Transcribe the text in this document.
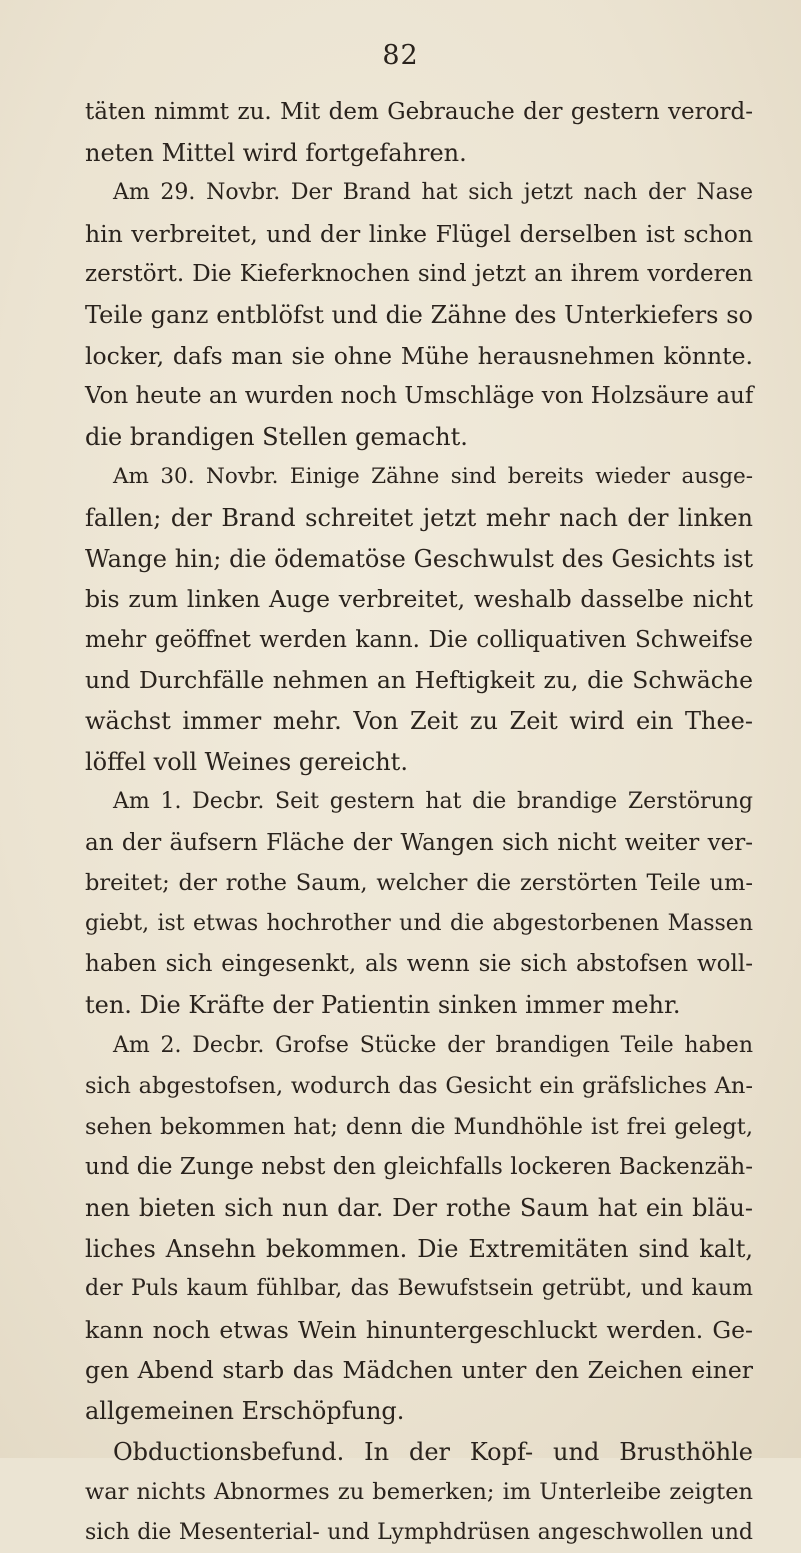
82
täten nimmt zu. Mit dem Gebrauche der gestern verord-
neten Mittel wird fortgefahren.
Am 29. Novbr. Der Brand hat sich jetzt nach der Nase
hin verbreitet, und der linke Flügel derselben ist schon
zerstört. Die Kieferknochen sind jetzt an ihrem vorderen
Teile ganz entblöfst und die Zähne des Unterkiefers so
locker, dafs man sie ohne Mühe herausnehmen könnte.
Von heute an wurden noch Umschläge von Holzsäure auf
die brandigen Stellen gemacht.
Am 30. Novbr. Einige Zähne sind bereits wieder ausge-
fallen; der Brand schreitet jetzt mehr nach der linken
Wange hin; die ödematöse Geschwulst des Gesichts ist
bis zum linken Auge verbreitet, weshalb dasselbe nicht
mehr geöffnet werden kann. Die colliquativen Schweifse
und Durchfälle nehmen an Heftigkeit zu, die Schwäche
wächst immer mehr. Von Zeit zu Zeit wird ein Thee-
löffel voll Weines gereicht.
Am 1. Decbr. Seit gestern hat die brandige Zerstörung
an der äufsern Fläche der Wangen sich nicht weiter ver-
breitet; der rothe Saum, welcher die zerstörten Teile um-
giebt, ist etwas hochrother und die abgestorbenen Massen
haben sich eingesenkt, als wenn sie sich abstofsen woll-
ten. Die Kräfte der Patientin sinken immer mehr.
Am 2. Decbr. Grofse Stücke der brandigen Teile haben
sich abgestofsen, wodurch das Gesicht ein gräfsliches An-
sehen bekommen hat; denn die Mundhöhle ist frei gelegt,
und die Zunge nebst den gleichfalls lockeren Backenzäh-
nen bieten sich nun dar. Der rothe Saum hat ein bläu-
liches Ansehn bekommen. Die Extremitäten sind kalt,
der Puls kaum fühlbar, das Bewufstsein getrübt, und kaum
kann noch etwas Wein hinuntergeschluckt werden. Ge-
gen Abend starb das Mädchen unter den Zeichen einer
allgemeinen Erschöpfung.
Obductionsbefund. In der Kopf- und Brusthöhle
war nichts Abnormes zu bemerken; im Unterleibe zeigten
sich die Mesenterial- und Lymphdrüsen angeschwollen und
